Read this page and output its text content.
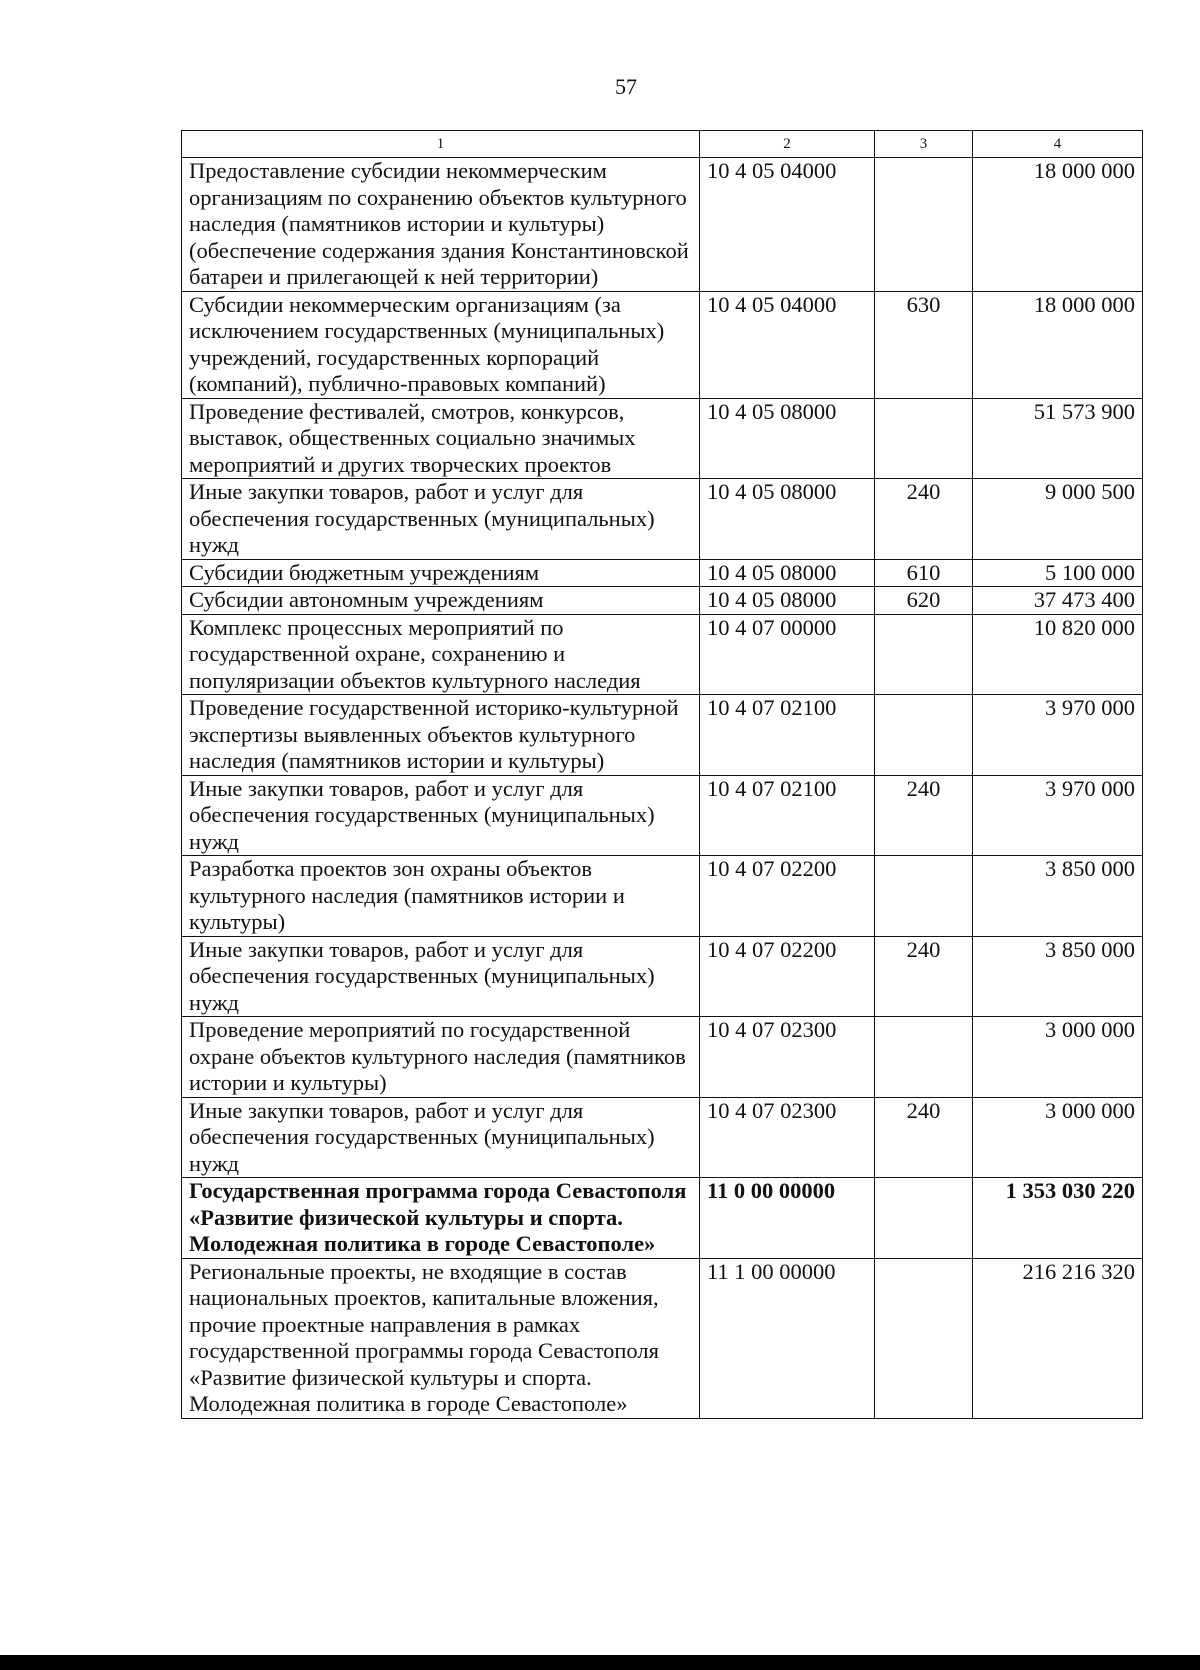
57
1	2	3	4
Предоставление субсидии некоммерческим организациям по сохранению объектов культурного наследия (памятников истории и культуры) (обеспечение содержания здания Константиновской батареи и прилегающей к ней территории)	10 4 05 04000		18 000 000
Субсидии некоммерческим организациям (за исключением государственных (муниципальных) учреждений, государственных корпораций (компаний), публично-правовых компаний)	10 4 05 04000	630	18 000 000
Проведение фестивалей, смотров, конкурсов, выставок, общественных социально значимых мероприятий и других творческих проектов	10 4 05 08000		51 573 900
Иные закупки товаров, работ и услуг для обеспечения государственных (муниципальных) нужд	10 4 05 08000	240	9 000 500
Субсидии бюджетным учреждениям	10 4 05 08000	610	5 100 000
Субсидии автономным учреждениям	10 4 05 08000	620	37 473 400
Комплекс процессных мероприятий по государственной охране, сохранению и популяризации объектов культурного наследия	10 4 07 00000		10 820 000
Проведение государственной историко-культурной экспертизы выявленных объектов культурного наследия (памятников истории и культуры)	10 4 07 02100		3 970 000
Иные закупки товаров, работ и услуг для обеспечения государственных (муниципальных) нужд	10 4 07 02100	240	3 970 000
Разработка проектов зон охраны объектов культурного наследия (памятников истории и культуры)	10 4 07 02200		3 850 000
Иные закупки товаров, работ и услуг для обеспечения государственных (муниципальных) нужд	10 4 07 02200	240	3 850 000
Проведение мероприятий по государственной охране объектов культурного наследия (памятников истории и культуры)	10 4 07 02300		3 000 000
Иные закупки товаров, работ и услуг для обеспечения государственных (муниципальных) нужд	10 4 07 02300	240	3 000 000
Государственная программа города Севастополя «Развитие физической культуры и спорта. Молодежная политика в городе Севастополе»	11 0 00 00000		1 353 030 220
Региональные проекты, не входящие в состав национальных проектов, капитальные вложения, прочие проектные направления в рамках государственной программы города Севастополя «Развитие физической культуры и спорта. Молодежная политика в городе Севастополе»	11 1 00 00000		216 216 320
